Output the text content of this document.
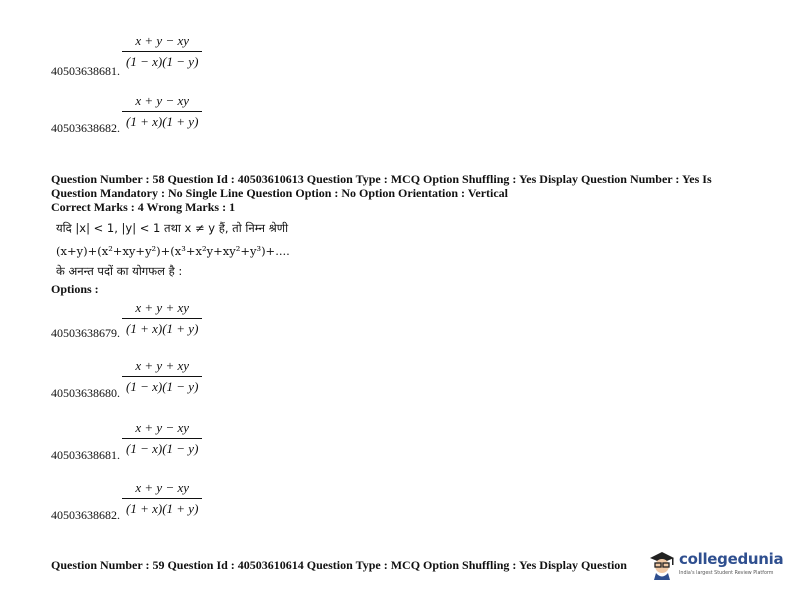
$\frac{x + y - xy}{(1 - x)(1 - y)}$
40503638681.
$\frac{x + y - xy}{(1 + x)(1 + y)}$
40503638682.
Question Number : 58 Question Id : 40503610613 Question Type : MCQ Option Shuffling : Yes Display Question Number : Yes Is
Question Mandatory : No Single Line Question Option : No Option Orientation : Vertical
Correct Marks : 4 Wrong Marks : 1
यदि |x| < 1, |y| < 1 तथा x ≠ y हैं, तो निम्न श्रेणी
(x+y)+(x²+xy+y²)+(x³+x²y+xy²+y³)+....
के अनन्त पदों का योगफल है :
Options :
$\frac{x + y + xy}{(1 + x)(1 + y)}$
40503638679.
$\frac{x + y + xy}{(1 - x)(1 - y)}$
40503638680.
$\frac{x + y - xy}{(1 - x)(1 - y)}$
40503638681.
$\frac{x + y - xy}{(1 + x)(1 + y)}$
40503638682.
Question Number : 59 Question Id : 40503610614 Question Type : MCQ Option Shuffling : Yes Display Question	collegedunia
India's largest Student Review Platform
